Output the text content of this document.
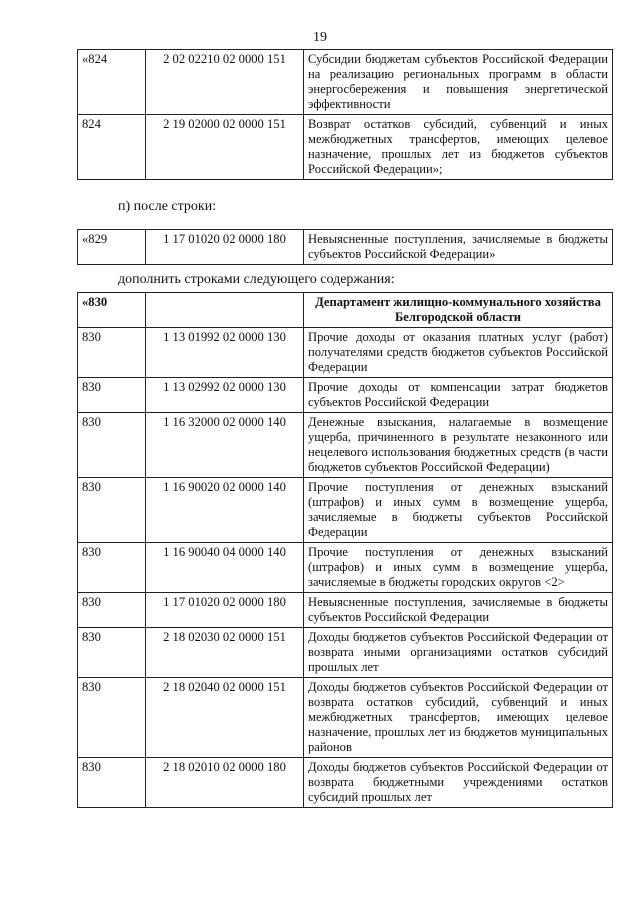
19
«824	2 02 02210 02 0000 151	Субсидии бюджетам субъектов Российской Федерации на реализацию региональных программ в области энергосбережения и повышения энергетической эффективности
824	2 19 02000 02 0000 151	Возврат остатков субсидий, субвенций и иных межбюджетных трансфертов, имеющих целевое назначение, прошлых лет из бюджетов субъектов Российской Федерации»;
п) после строки:
«829	1 17 01020 02 0000 180	Невыясненные поступления, зачисляемые в бюджеты субъектов Российской Федерации»
дополнить строками следующего содержания:
«830		Департамент жилищно-коммунального хозяйства Белгородской области
830	1 13 01992 02 0000 130	Прочие доходы от оказания платных услуг (работ) получателями средств бюджетов субъектов Российской Федерации
830	1 13 02992 02 0000 130	Прочие доходы от компенсации затрат бюджетов субъектов Российской Федерации
830	1 16 32000 02 0000 140	Денежные взыскания, налагаемые в возмещение ущерба, причиненного в результате незаконного или нецелевого использования бюджетных средств (в части бюджетов субъектов Российской Федерации)
830	1 16 90020 02 0000 140	Прочие поступления от денежных взысканий (штрафов) и иных сумм в возмещение ущерба, зачисляемые в бюджеты субъектов Российской Федерации
830	1 16 90040 04 0000 140	Прочие поступления от денежных взысканий (штрафов) и иных сумм в возмещение ущерба, зачисляемые в бюджеты городских округов <2>
830	1 17 01020 02 0000 180	Невыясненные поступления, зачисляемые в бюджеты субъектов Российской Федерации
830	2 18 02030 02 0000 151	Доходы бюджетов субъектов Российской Федерации от возврата иными организациями остатков субсидий прошлых лет
830	2 18 02040 02 0000 151	Доходы бюджетов субъектов Российской Федерации от возврата остатков субсидий, субвенций и иных межбюджетных трансфертов, имеющих целевое назначение, прошлых лет из бюджетов муниципальных районов
830	2 18 02010 02 0000 180	Доходы бюджетов субъектов Российской Федерации от возврата бюджетными учреждениями остатков субсидий прошлых лет
